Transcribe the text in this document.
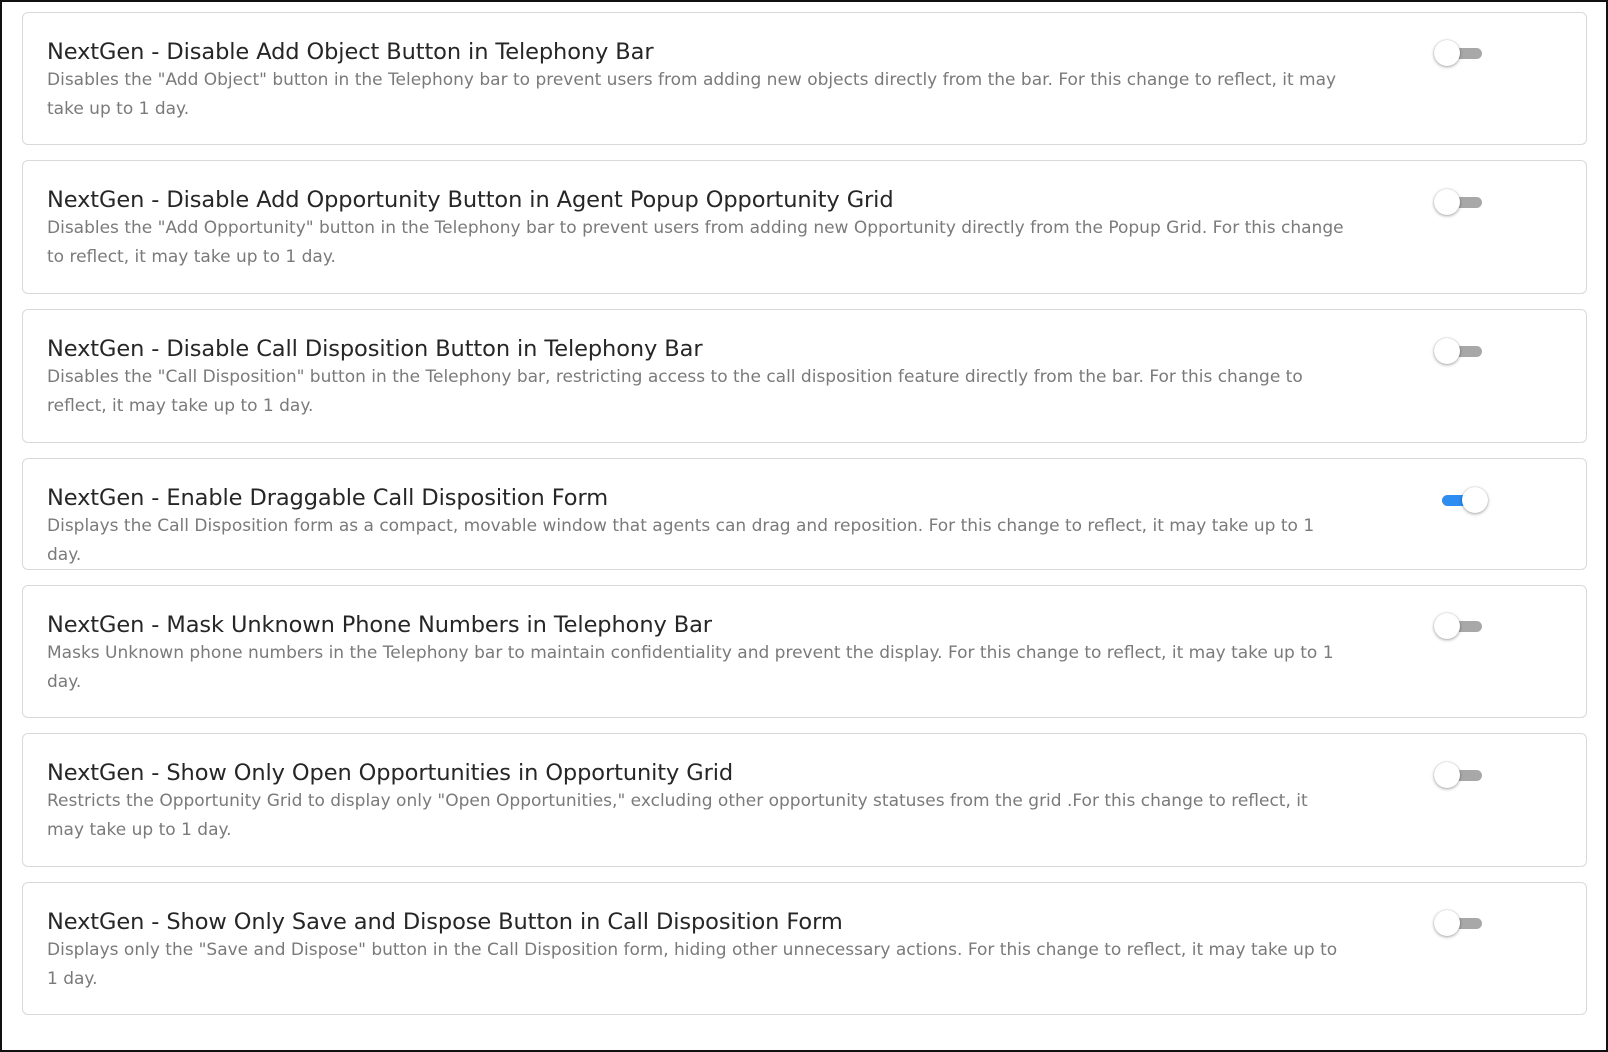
NextGen - Disable Add Object Button in Telephony Bar
Disables the "Add Object" button in the Telephony bar to prevent users from adding new objects directly from the bar. For this change to reflect, it may take up to 1 day.
NextGen - Disable Add Opportunity Button in Agent Popup Opportunity Grid
Disables the "Add Opportunity" button in the Telephony bar to prevent users from adding new Opportunity directly from the Popup Grid. For this change to reflect, it may take up to 1 day.
NextGen - Disable Call Disposition Button in Telephony Bar
Disables the "Call Disposition" button in the Telephony bar, restricting access to the call disposition feature directly from the bar. For this change to reflect, it may take up to 1 day.
NextGen - Enable Draggable Call Disposition Form
Displays the Call Disposition form as a compact, movable window that agents can drag and reposition. For this change to reflect, it may take up to 1 day.
NextGen - Mask Unknown Phone Numbers in Telephony Bar
Masks Unknown phone numbers in the Telephony bar to maintain confidentiality and prevent the display. For this change to reflect, it may take up to 1 day.
NextGen - Show Only Open Opportunities in Opportunity Grid
Restricts the Opportunity Grid to display only "Open Opportunities," excluding other opportunity statuses from the grid .For this change to reflect, it may take up to 1 day.
NextGen - Show Only Save and Dispose Button in Call Disposition Form
Displays only the "Save and Dispose" button in the Call Disposition form, hiding other unnecessary actions. For this change to reflect, it may take up to 1 day.
